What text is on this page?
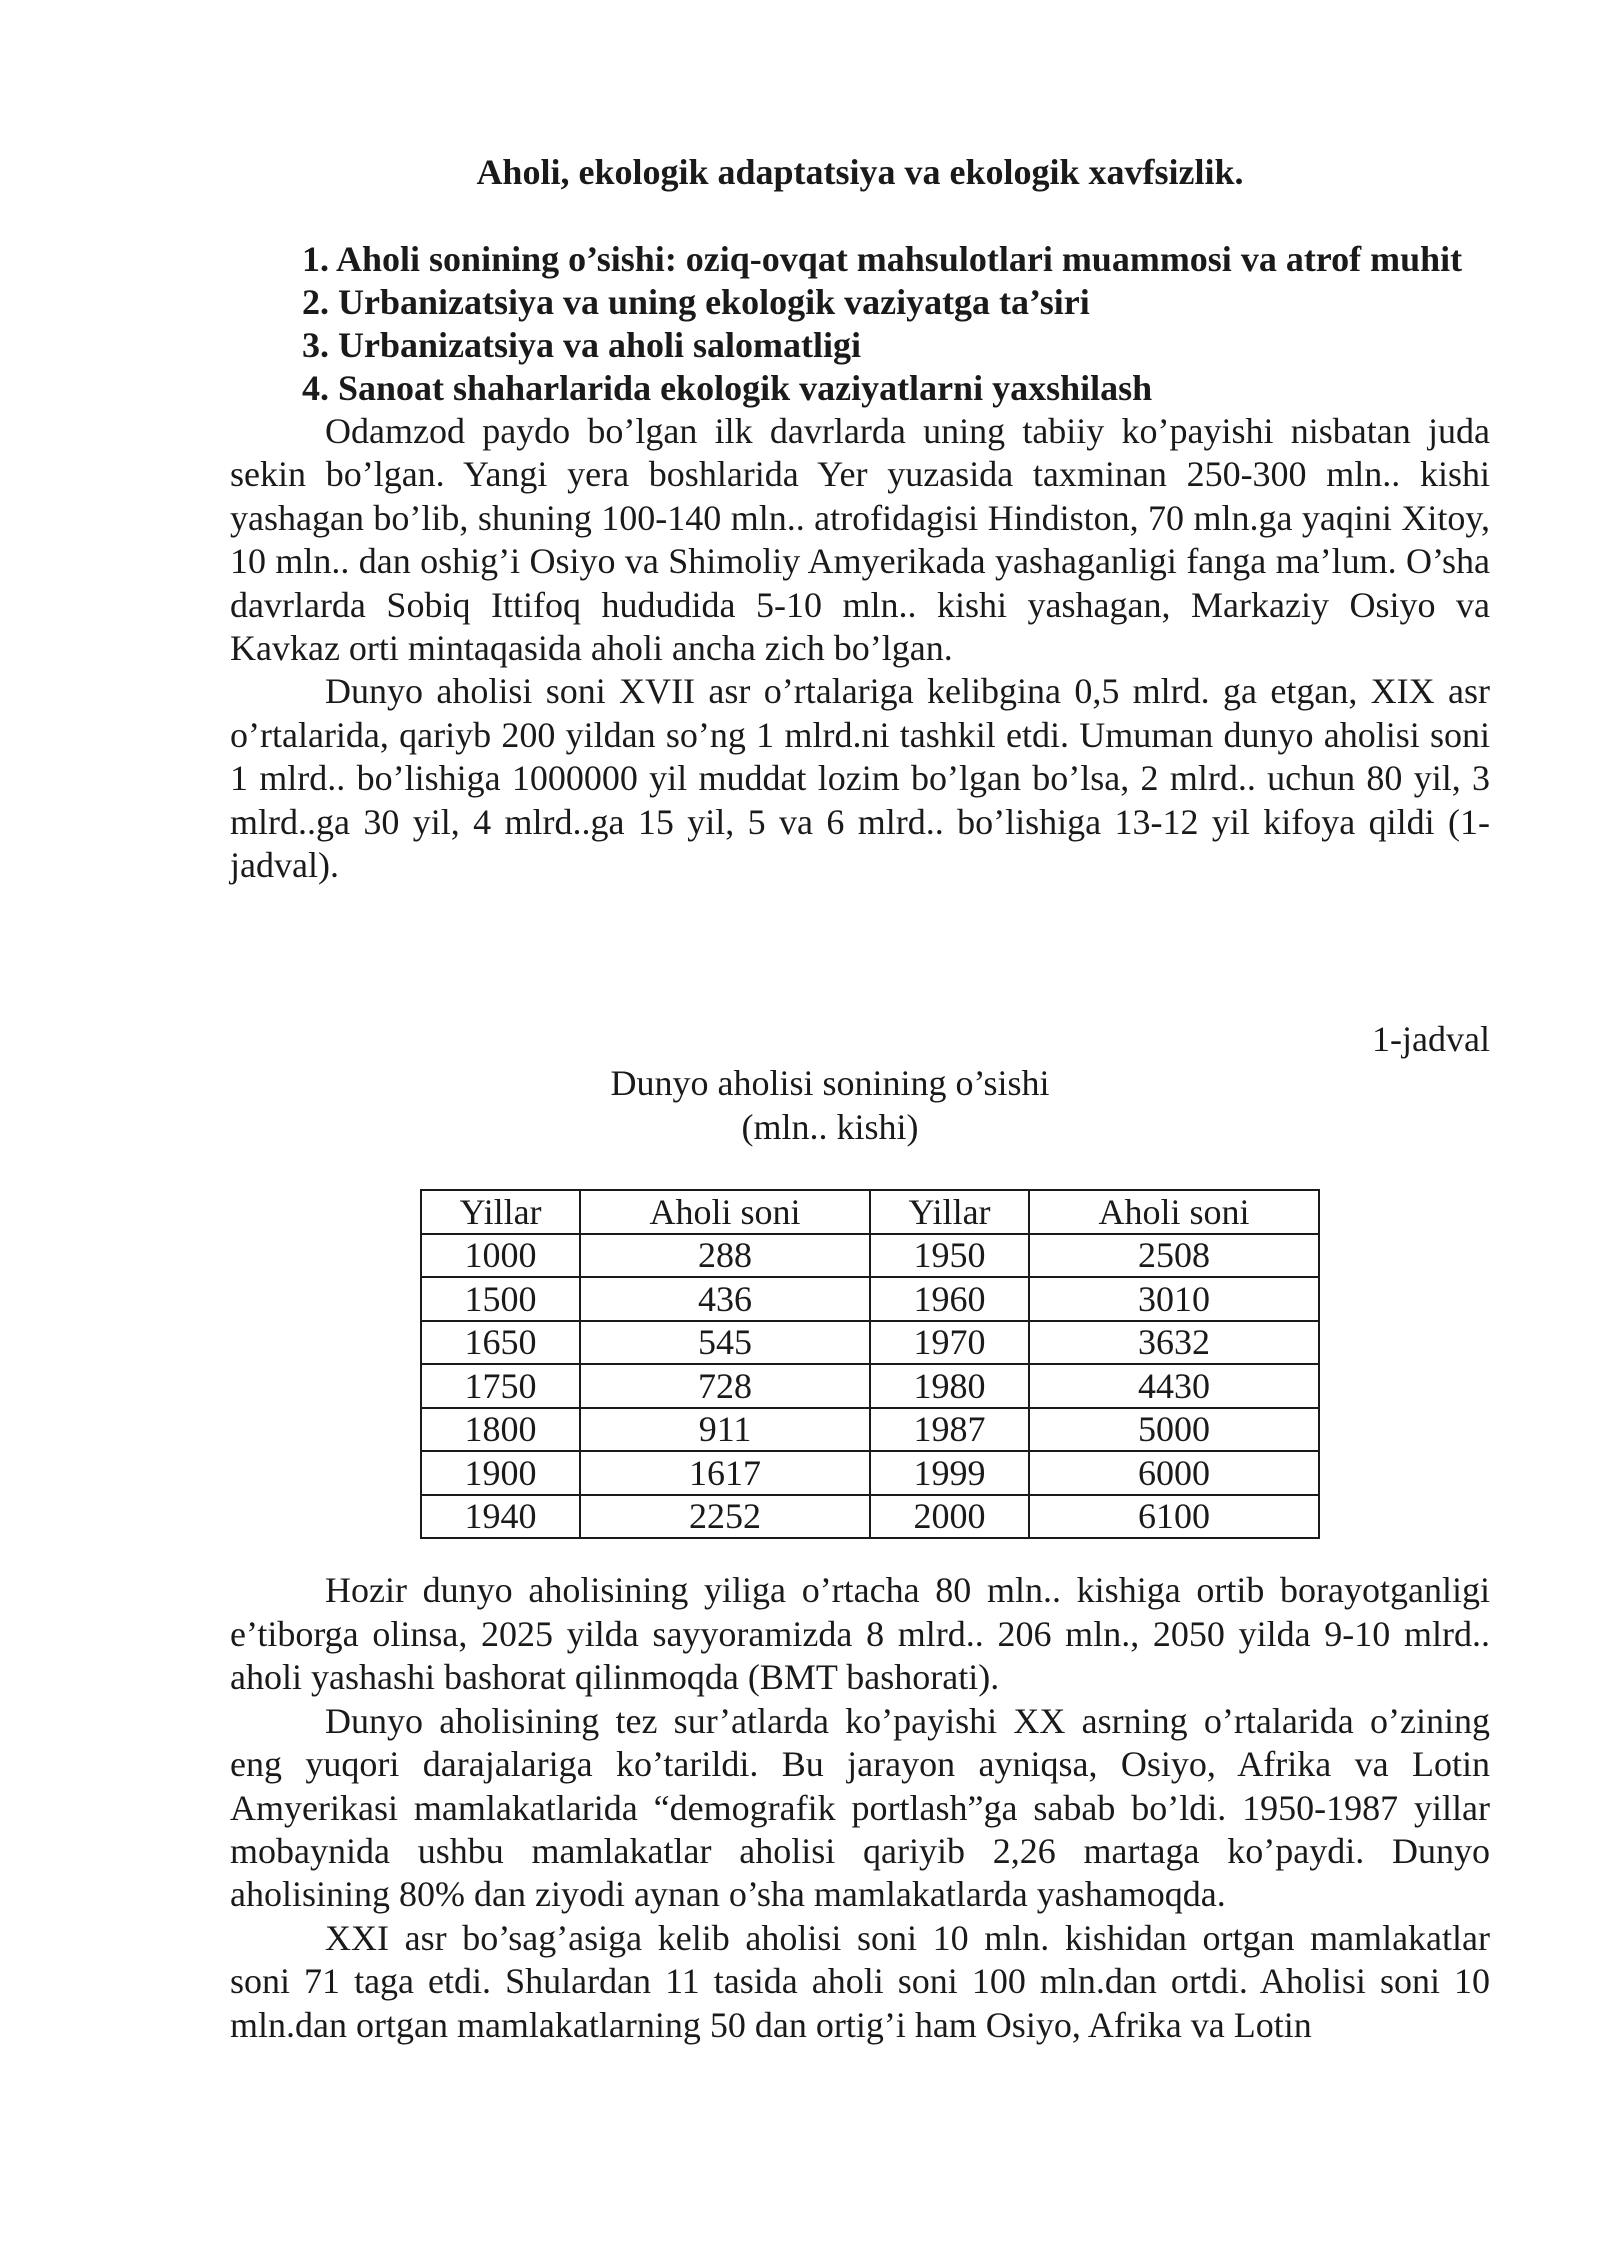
Aholi, ekologik adaptatsiya va ekologik xavfsizlik.
1. Aholi sonining o’sishi: oziq-ovqat mahsulotlari muammosi va atrof muhit
2. Urbanizatsiya va uning ekologik vaziyatga ta’siri
3. Urbanizatsiya va aholi salomatligi
4. Sanoat shaharlarida ekologik vaziyatlarni yaxshilash

Odamzod paydo bo’lgan ilk davrlarda uning tabiiy ko’payishi nisbatan juda sekin bo’lgan. Yangi yera boshlarida Yer yuzasida taxminan 250-300 mln.. kishi yashagan bo’lib, shuning 100-140 mln.. atrofidagisi Hindiston, 70 mln.ga yaqini Xitoy, 10 mln.. dan oshig’i Osiyo va Shimoliy Amyerikada yashaganligi fanga ma’lum. O’sha davrlarda Sobiq Ittifoq hududida 5-10 mln.. kishi yashagan, Markaziy Osiyo va Kavkaz orti mintaqasida aholi ancha zich bo’lgan.

Dunyo aholisi soni XVII asr o’rtalariga kelibgina 0,5 mlrd. ga etgan, XIX asr o’rtalarida, qariyb 200 yildan so’ng 1 mlrd.ni tashkil etdi. Umuman dunyo aholisi soni 1 mlrd.. bo’lishiga 1000000 yil muddat lozim bo’lgan bo’lsa, 2 mlrd.. uchun 80 yil, 3 mlrd..ga 30 yil, 4 mlrd..ga 15 yil, 5 va 6 mlrd.. bo’lishiga 13-12 yil kifoya qildi (1-jadval).

1-jadval
Dunyo aholisi sonining o’sishi
(mln.. kishi)
Yillar	Aholi soni	Yillar	Aholi soni
1000	288	1950	2508
1500	436	1960	3010
1650	545	1970	3632
1750	728	1980	4430
1800	911	1987	5000
1900	1617	1999	6000
1940	2252	2000	6100

Hozir dunyo aholisining yiliga o’rtacha 80 mln.. kishiga ortib borayotganligi e’tiborga olinsa, 2025 yilda sayyoramizda 8 mlrd.. 206 mln., 2050 yilda 9-10 mlrd.. aholi yashashi bashorat qilinmoqda (BMT bashorati).

Dunyo aholisining tez sur’atlarda ko’payishi XX asrning o’rtalarida o’zining eng yuqori darajalariga ko’tarildi. Bu jarayon ayniqsa, Osiyo, Afrika va Lotin Amyerikasi mamlakatlarida “demografik portlash”ga sabab bo’ldi. 1950-1987 yillar mobaynida ushbu mamlakatlar aholisi qariyib 2,26 martaga ko’paydi. Dunyo aholisining 80% dan ziyodi aynan o’sha mamlakatlarda yashamoqda.

XXI asr bo’sag’asiga kelib aholisi soni 10 mln. kishidan ortgan mamlakatlar soni 71 taga etdi. Shulardan 11 tasida aholi soni 100 mln.dan ortdi. Aholisi soni 10 mln.dan ortgan mamlakatlarning 50 dan ortig’i ham Osiyo, Afrika va Lotin
